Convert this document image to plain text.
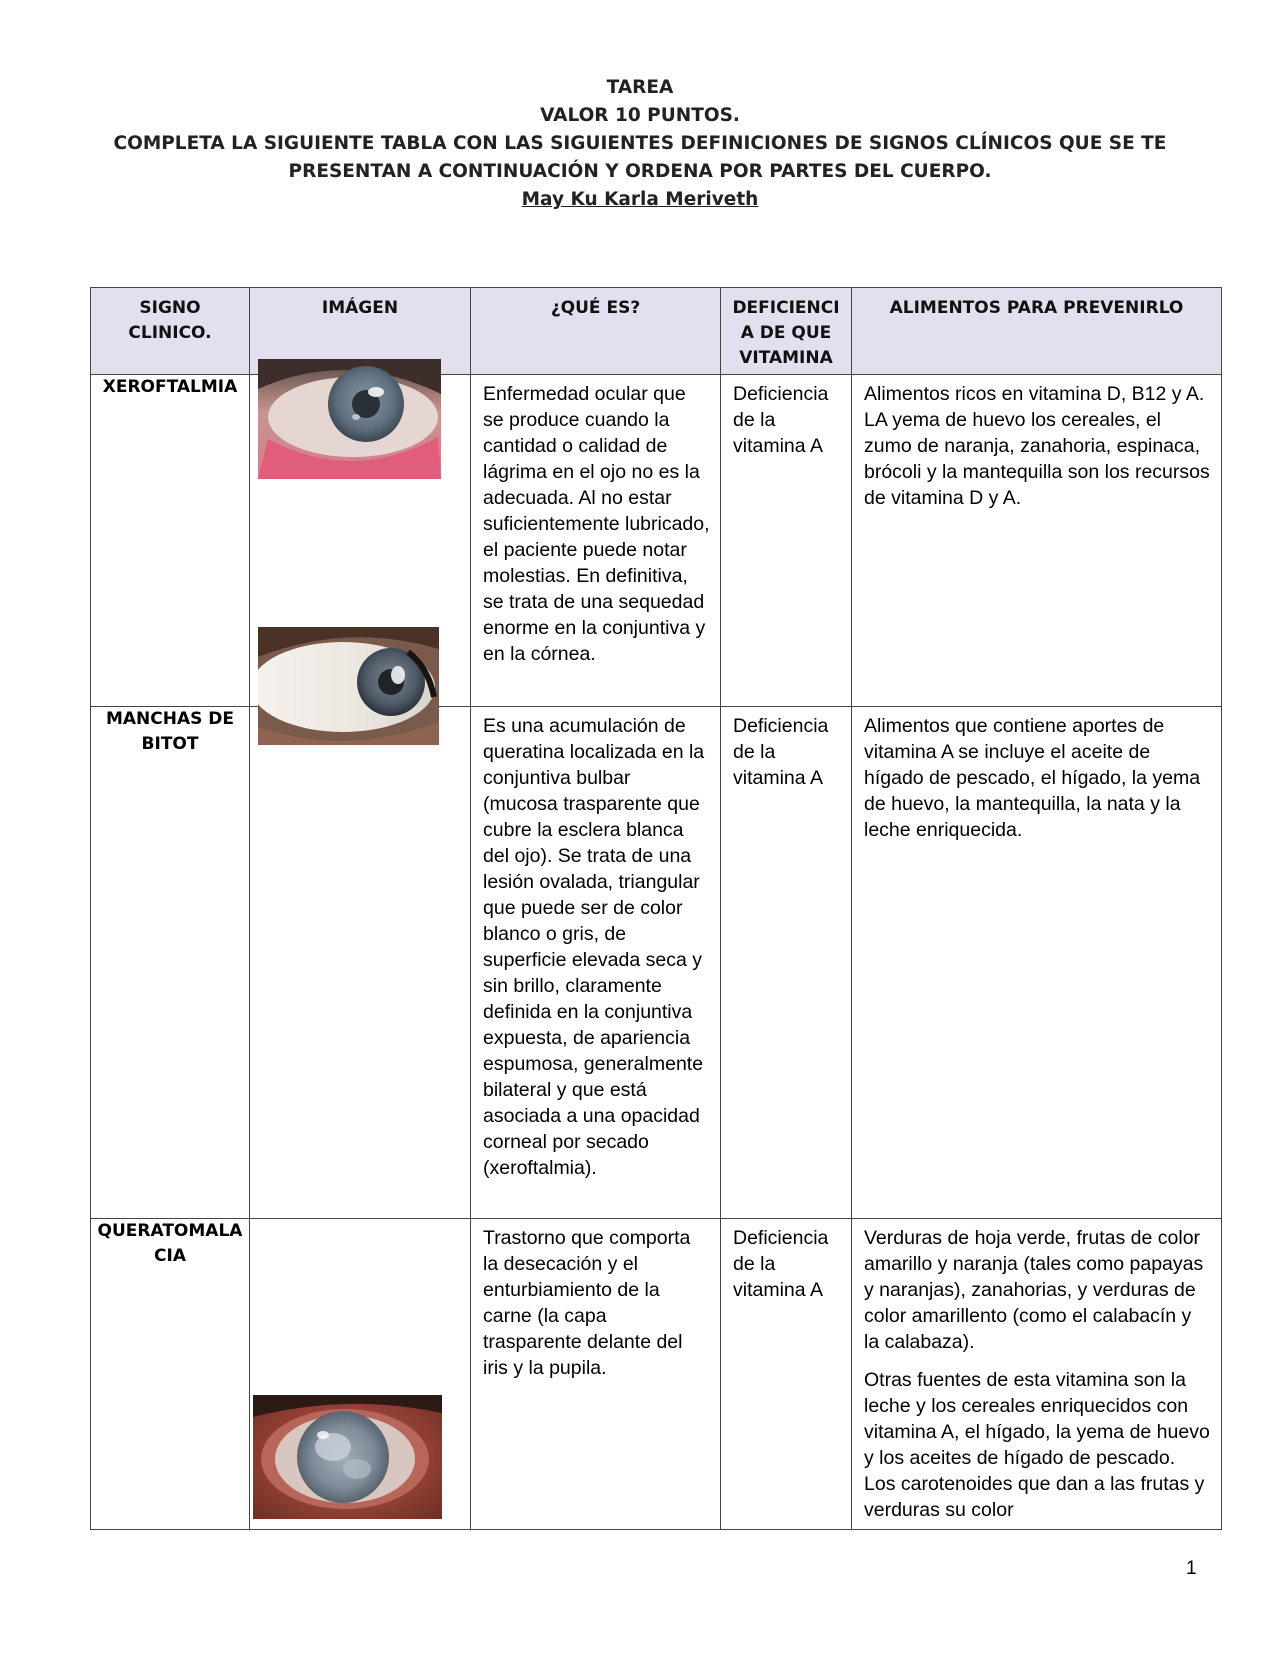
TAREA
VALOR 10 PUNTOS.
COMPLETA LA SIGUIENTE TABLA CON LAS SIGUIENTES DEFINICIONES DE SIGNOS CLÍNICOS QUE SE TE
PRESENTAN A CONTINUACIÓN Y ORDENA POR PARTES DEL CUERPO.
May Ku Karla Meriveth
SIGNO CLINICO.	IMÁGEN	¿QUÉ ES?	DEFICIENCI A DE QUE VITAMINA	ALIMENTOS PARA PREVENIRLO
XEROFTALMIA		Enfermedad ocular que se produce cuando la cantidad o calidad de lágrima en el ojo no es la adecuada. Al no estar suficientemente lubricado, el paciente puede notar molestias. En definitiva, se trata de una sequedad enorme en la conjuntiva y en la córnea.	Deficiencia de la vitamina A	Alimentos ricos en vitamina D, B12 y A. LA yema de huevo los cereales, el zumo de naranja, zanahoria, espinaca, brócoli y la mantequilla son los recursos de vitamina D y A.

MANCHAS DE BITOT		Es una acumulación de queratina localizada en la conjuntiva bulbar (mucosa trasparente que cubre la esclera blanca del ojo). Se trata de una lesión ovalada, triangular que puede ser de color blanco o gris, de superficie elevada seca y sin brillo, claramente definida en la conjuntiva expuesta, de apariencia espumosa, generalmente bilateral y que está asociada a una opacidad corneal por secado (xeroftalmia).	Deficiencia de la vitamina A	Alimentos que contiene aportes de vitamina A se incluye el aceite de hígado de pescado, el hígado, la yema de huevo, la mantequilla, la nata y la leche enriquecida.

QUERATOMALACIA		Trastorno que comporta la desecación y el enturbiamiento de la carne (la capa trasparente delante del iris y la pupila.	Deficiencia de la vitamina A	Verduras de hoja verde, frutas de color amarillo y naranja (tales como papayas y naranjas), zanahorias, y verduras de color amarillento (como el calabacín y la calabaza).

Otras fuentes de esta vitamina son la leche y los cereales enriquecidos con vitamina A, el hígado, la yema de huevo y los aceites de hígado de pescado. Los carotenoides que dan a las frutas y verduras su color

1
